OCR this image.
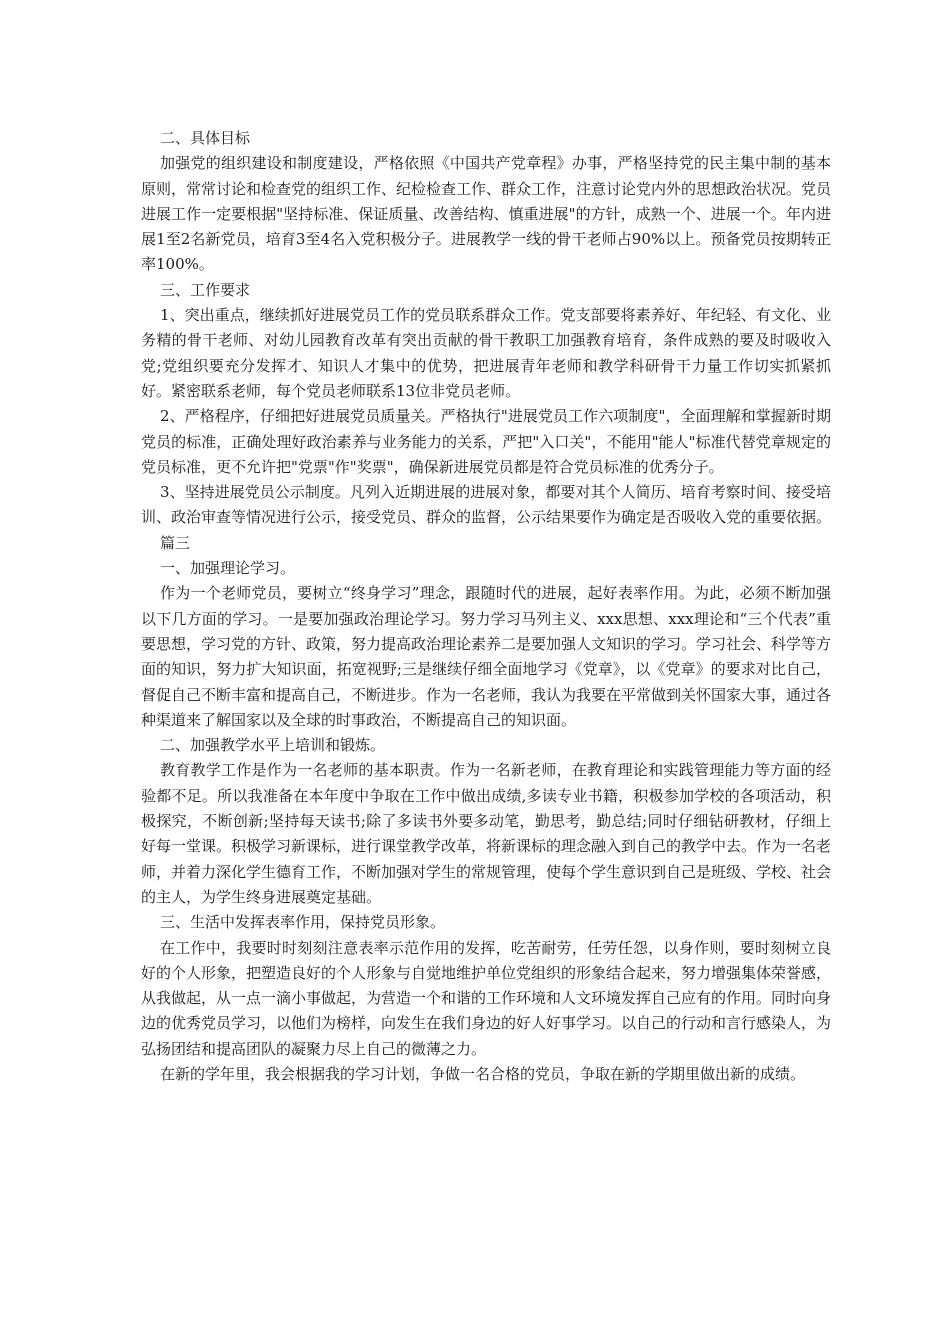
二、具体目标

加强党的组织建设和制度建设，严格依照《中国共产党章程》办事，严格坚持党的民主集中制的基本原则，常常讨论和检查党的组织工作、纪检检查工作、群众工作，注意讨论党内外的思想政治状况。党员进展工作一定要根据"坚持标准、保证质量、改善结构、慎重进展"的方针，成熟一个、进展一个。年内进展1至2名新党员，培育3至4名入党积极分子。进展教学一线的骨干老师占90%以上。预备党员按期转正率100%。

三、工作要求

1、突出重点，继续抓好进展党员工作的党员联系群众工作。党支部要将素养好、年纪轻、有文化、业务精的骨干老师、对幼儿园教育改革有突出贡献的骨干教职工加强教育培育，条件成熟的要及时吸收入党;党组织要充分发挥才、知识人才集中的优势，把进展青年老师和教学科研骨干力量工作切实抓紧抓好。紧密联系老师，每个党员老师联系13位非党员老师。

2、严格程序，仔细把好进展党员质量关。严格执行"进展党员工作六项制度"，全面理解和掌握新时期党员的标准，正确处理好政治素养与业务能力的关系，严把"入口关"，不能用"能人"标准代替党章规定的党员标准，更不允许把"党票"作"奖票"，确保新进展党员都是符合党员标准的优秀分子。

3、坚持进展党员公示制度。凡列入近期进展的进展对象，都要对其个人简历、培育考察时间、接受培训、政治审查等情况进行公示，接受党员、群众的监督，公示结果要作为确定是否吸收入党的重要依据。

篇三

一、加强理论学习。

作为一个老师党员，要树立“终身学习”理念，跟随时代的进展，起好表率作用。为此，必须不断加强以下几方面的学习。一是要加强政治理论学习。努力学习马列主义、xxx思想、xxx理论和“三个代表”重要思想，学习党的方针、政策，努力提高政治理论素养二是要加强人文知识的学习。学习社会、科学等方面的知识，努力扩大知识面，拓宽视野;三是继续仔细全面地学习《党章》，以《党章》的要求对比自己，督促自己不断丰富和提高自己，不断进步。作为一名老师，我认为我要在平常做到关怀国家大事，通过各种渠道来了解国家以及全球的时事政治，不断提高自己的知识面。

二、加强教学水平上培训和锻炼。

教育教学工作是作为一名老师的基本职责。作为一名新老师，在教育理论和实践管理能力等方面的经验都不足。所以我准备在本年度中争取在工作中做出成绩,多读专业书籍，积极参加学校的各项活动，积极探究，不断创新;坚持每天读书;除了多读书外要多动笔，勤思考，勤总结;同时仔细钻研教材，仔细上好每一堂课。积极学习新课标，进行课堂教学改革，将新课标的理念融入到自己的教学中去。作为一名老师，并着力深化学生德育工作，不断加强对学生的常规管理，使每个学生意识到自己是班级、学校、社会的主人，为学生终身进展奠定基础。

三、生活中发挥表率作用，保持党员形象。

在工作中，我要时时刻刻注意表率示范作用的发挥，吃苦耐劳，任劳任怨，以身作则，要时刻树立良好的个人形象，把塑造良好的个人形象与自觉地维护单位党组织的形象结合起来，努力增强集体荣誉感，从我做起，从一点一滴小事做起，为营造一个和谐的工作环境和人文环境发挥自己应有的作用。同时向身边的优秀党员学习，以他们为榜样，向发生在我们身边的好人好事学习。以自己的行动和言行感染人，为弘扬团结和提高团队的凝聚力尽上自己的微薄之力。

在新的学年里，我会根据我的学习计划，争做一名合格的党员，争取在新的学期里做出新的成绩。
